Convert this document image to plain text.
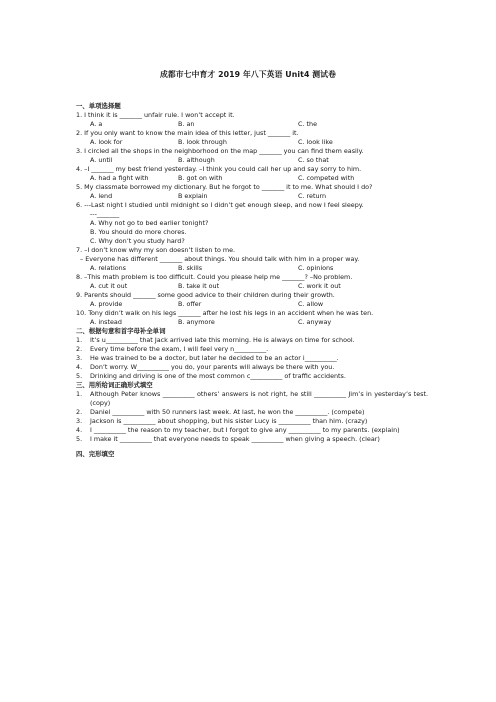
成都市七中育才 2019 年八下英语 Unit4 测试卷
一、单项选择题
1. I think it is _______ unfair rule. I won’t accept it.
A. a	B. an	C. the
2. If you only want to know the main idea of this letter, just _______ it.
A. look for	B. look through	C. look like
3. I circled all the shops in the neighborhood on the map _______ you can find them easily.
A. until	B. although	C. so that
4. –I _______ my best friend yesterday. –I think you could call her up and say sorry to him.
A. had a fight with	B. got on with	C. competed with
5. My classmate borrowed my dictionary. But he forgot to _______ it to me. What should I do?
A. lend	B explain	C. return
6. ---Last night I studied until midnight so I didn’t get enough sleep, and now I feel sleepy.
---_______
A. Why not go to bed earlier tonight?
B. You should do more chores.
C. Why don’t you study hard?
7. –I don’t know why my son doesn’t listen to me.
– Everyone has different _______ about things. You should talk with him in a proper way.
A. relations	B. skills	C. opinions
8. –This math problem is too difficult. Could you please help me _______? –No problem.
A. cut it out	B. take it out	C. work it out
9. Parents should _______ some good advice to their children during their growth.
A. provide	B. offer	C. allow
10. Tony didn’t walk on his legs _______ after he lost his legs in an accident when he was ten.
A. instead	B. anymore	C. anyway
二、根据句意和首字母补全单词
1.	It’s u__________ that Jack arrived late this morning. He is always on time for school.
2.	Every time before the exam, I will feel very n__________.
3.	He was trained to be a doctor, but later he decided to be an actor i__________.
4.	Don’t worry. W__________ you do, your parents will always be there with you.
5.	Drinking and driving is one of the most common c__________ of traffic accidents.
三、用所给词正确形式填空
1.	Although Peter knows __________ others’ answers is not right, he still __________ Jim’s in yesterday’s test. (copy)
2.	Daniel __________ with 50 runners last week. At last, he won the __________. (compete)
3.	Jackson is __________ about shopping, but his sister Lucy is __________ than him. (crazy)
4.	I __________ the reason to my teacher, but I forgot to give any __________ to my parents. (explain)
5.	I make it __________ that everyone needs to speak __________ when giving a speech. (clear)
四、完形填空
